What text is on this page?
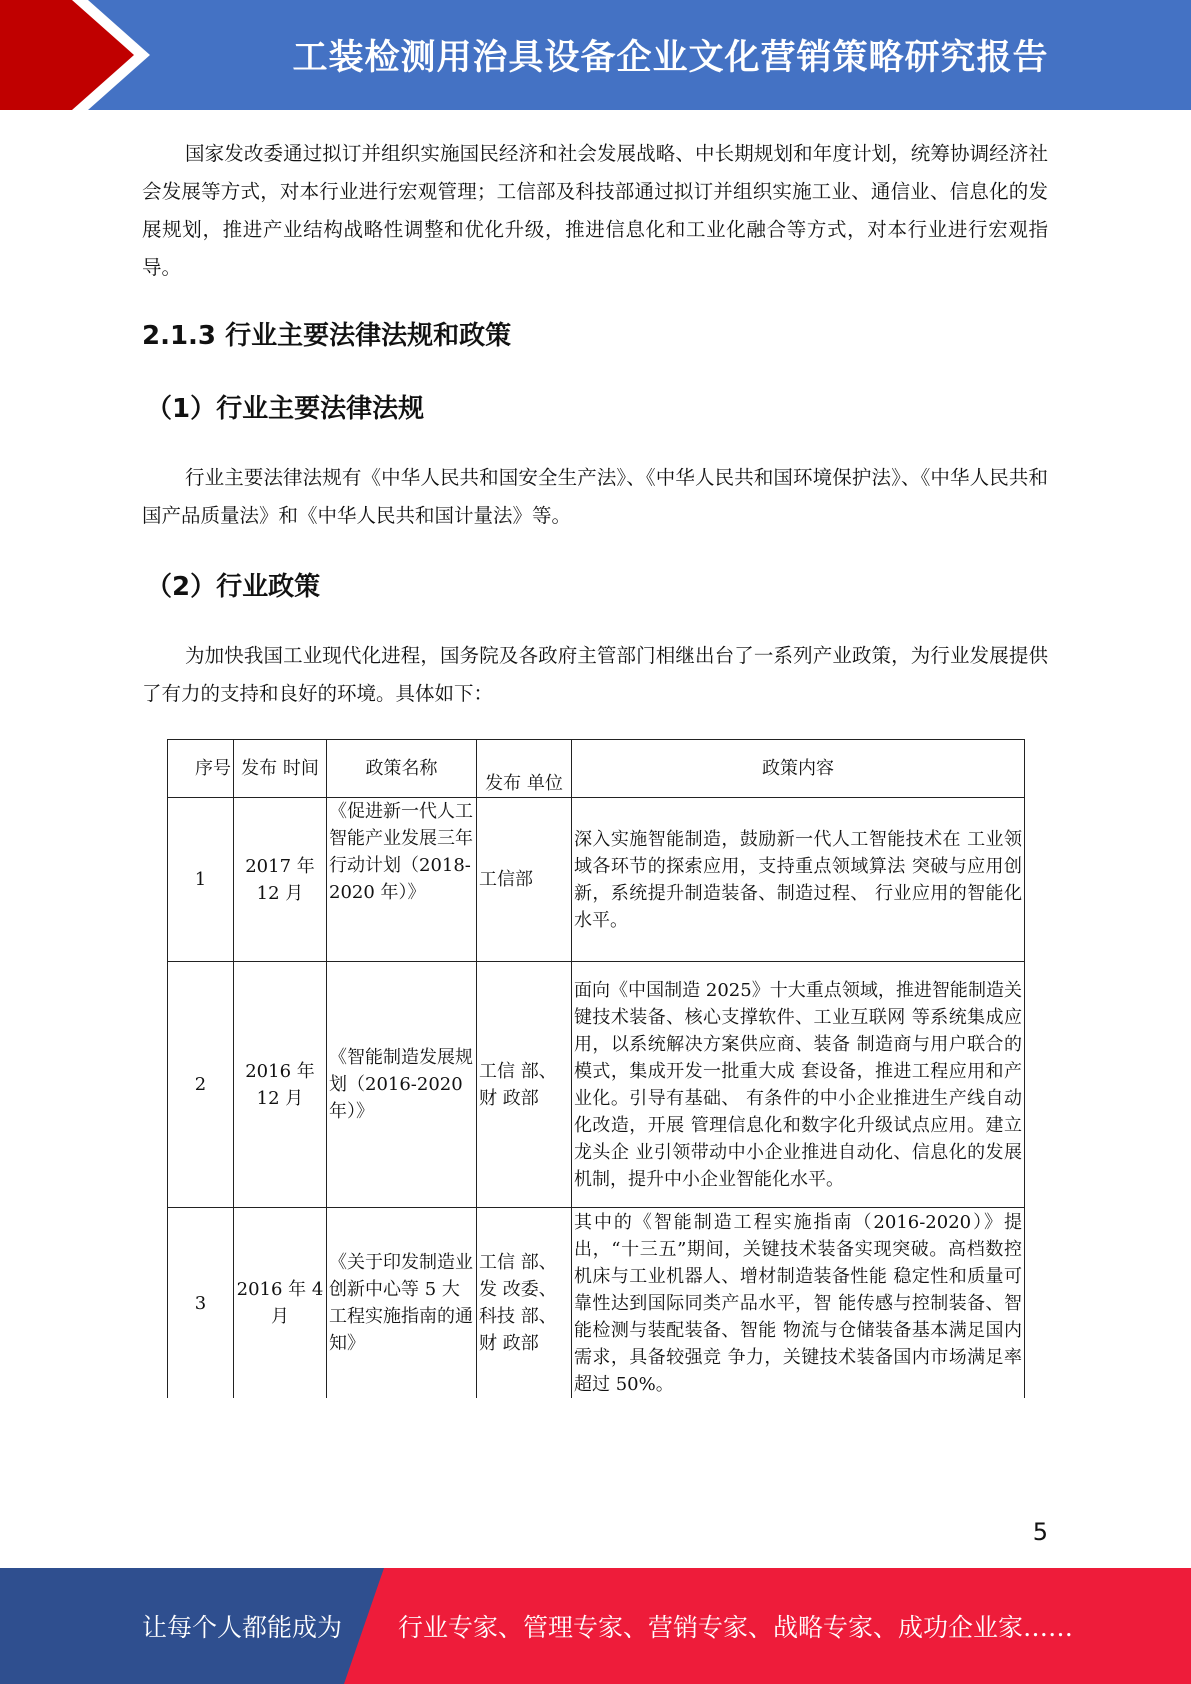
工装检测用治具设备企业文化营销策略研究报告

国家发改委通过拟订并组织实施国民经济和社会发展战略、中长期规划和年度计划，统筹协调经济社会发展等方式，对本行业进行宏观管理；工信部及科技部通过拟订并组织实施工业、通信业、信息化的发展规划，推进产业结构战略性调整和优化升级，推进信息化和工业化融合等方式，对本行业进行宏观指导。

2.1.3 行业主要法律法规和政策
（1）行业主要法律法规

行业主要法律法规有《中华人民共和国安全生产法》、《中华人民共和国环境保护法》、《中华人民共和国产品质量法》和《中华人民共和国计量法》等。

（2）行业政策

为加快我国工业现代化进程，国务院及各政府主管部门相继出台了一系列产业政策，为行业发展提供了有力的支持和良好的环境。具体如下：

序号	发布 时间	政策名称	发布 单位	政策内容
1	2017 年 12 月	《促进新一代人工智能产业发展三年行动计划（2018-2020 年）》	工信部	深入实施智能制造，鼓励新一代人工智能技术在 工业领域各环节的探索应用，支持重点领域算法 突破与应用创新，系统提升制造装备、制造过程、 行业应用的智能化水平。
2	2016 年 12 月	《智能制造发展规划（2016-2020 年）》	工信 部、财 政部	面向《中国制造 2025》十大重点领域，推进智能制造关键技术装备、核心支撑软件、工业互联网 等系统集成应用，以系统解决方案供应商、装备 制造商与用户联合的模式，集成开发一批重大成 套设备，推进工程应用和产业化。引导有基础、 有条件的中小企业推进生产线自动化改造，开展 管理信息化和数字化升级试点应用。建立龙头企 业引领带动中小企业推进自动化、信息化的发展 机制，提升中小企业智能化水平。
3	2016 年 4 月	《关于印发制造业创新中心等 5 大工程实施指南的通知》	工信 部、发 改委、科技 部、财 政部	其中的《智能制造工程实施指南（2016-2020）》提出，“十三五”期间，关键技术装备实现突破。高档数控机床与工业机器人、增材制造装备性能 稳定性和质量可靠性达到国际同类产品水平，智 能传感与控制装备、智能检测与装配装备、智能 物流与仓储装备基本满足国内需求，具备较强竞 争力，关键技术装备国内市场满足率超过 50%。
5
让每个人都能成为 行业专家、管理专家、营销专家、战略专家、成功企业家……
